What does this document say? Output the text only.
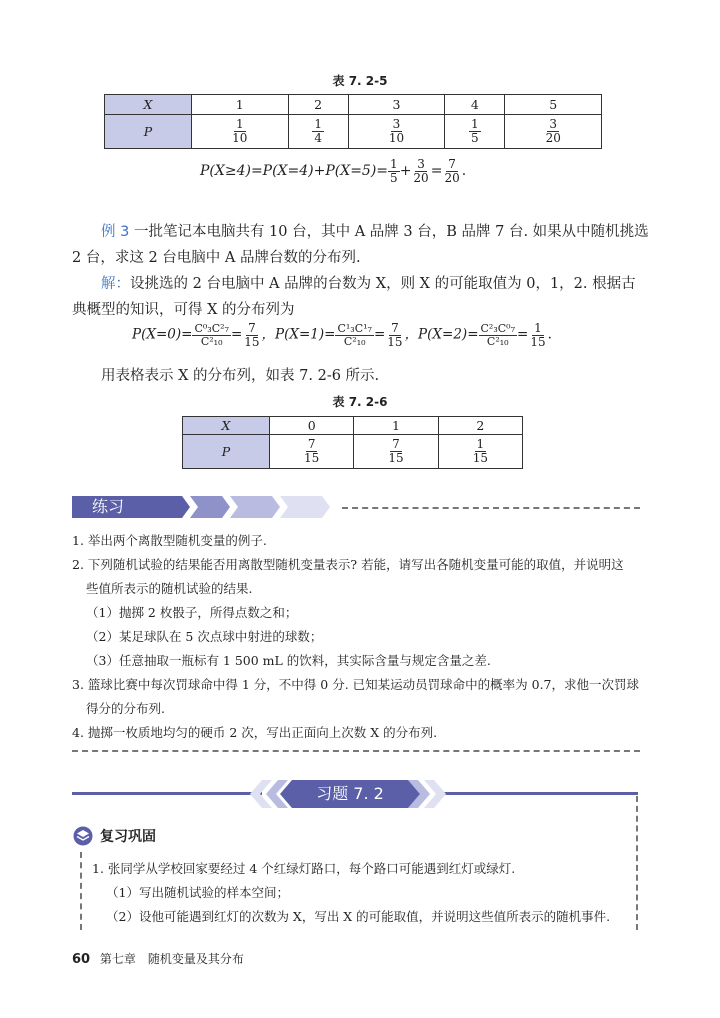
表 7. 2-5
X	1	2	3	4	5
P	$\frac{1}{10}$	$\frac{1}{4}$	$\frac{3}{10}$	$\frac{1}{5}$	$\frac{3}{20}$
$P(X\ge 4)=P(X=4)+P(X=5)= \frac{1}{5} + \frac{3}{20} = \frac{7}{20}$ .
例 3 一批笔记本电脑共有 10 台，其中 A 品牌 3 台，B 品牌 7 台. 如果从中随机挑选
2 台，求这 2 台电脑中 A 品牌台数的分布列.
解：设挑选的 2 台电脑中 A 品牌的台数为 X，则 X 的可能取值为 0，1，2. 根据古
典概型的知识，可得 X 的分布列为
$P(X=0)= \frac{\text{C⁰₃C²₇}}{\text{C²₁₀}} = \frac{7}{15}$ ，$P(X=1)= \frac{\text{C¹₃C¹₇}}{\text{C²₁₀}} = \frac{7}{15}$ ，$P(X=2)= \frac{\text{C²₃C⁰₇}}{\text{C²₁₀}} = \frac{1}{15}$ .
用表格表示 X 的分布列，如表 7. 2-6 所示.
表 7. 2-6
X	0	1	2
P	$\frac{7}{15}$	$\frac{7}{15}$	$\frac{1}{15}$
练习
1. 举出两个离散型随机变量的例子.
2. 下列随机试验的结果能否用离散型随机变量表示? 若能，请写出各随机变量可能的取值，并说明这
些值所表示的随机试验的结果.
（1）抛掷 2 枚骰子，所得点数之和；
（2）某足球队在 5 次点球中射进的球数；
（3）任意抽取一瓶标有 1 500 mL 的饮料，其实际含量与规定含量之差.
3. 篮球比赛中每次罚球命中得 1 分，不中得 0 分. 已知某运动员罚球命中的概率为 0.7，求他一次罚球
得分的分布列.
4. 抛掷一枚质地均匀的硬币 2 次，写出正面向上次数 X 的分布列.
习题 7. 2
复习巩固
1. 张同学从学校回家要经过 4 个红绿灯路口，每个路口可能遇到红灯或绿灯.
（1）写出随机试验的样本空间；
（2）设他可能遇到红灯的次数为 X，写出 X 的可能取值，并说明这些值所表示的随机事件.
60 第七章　随机变量及其分布
